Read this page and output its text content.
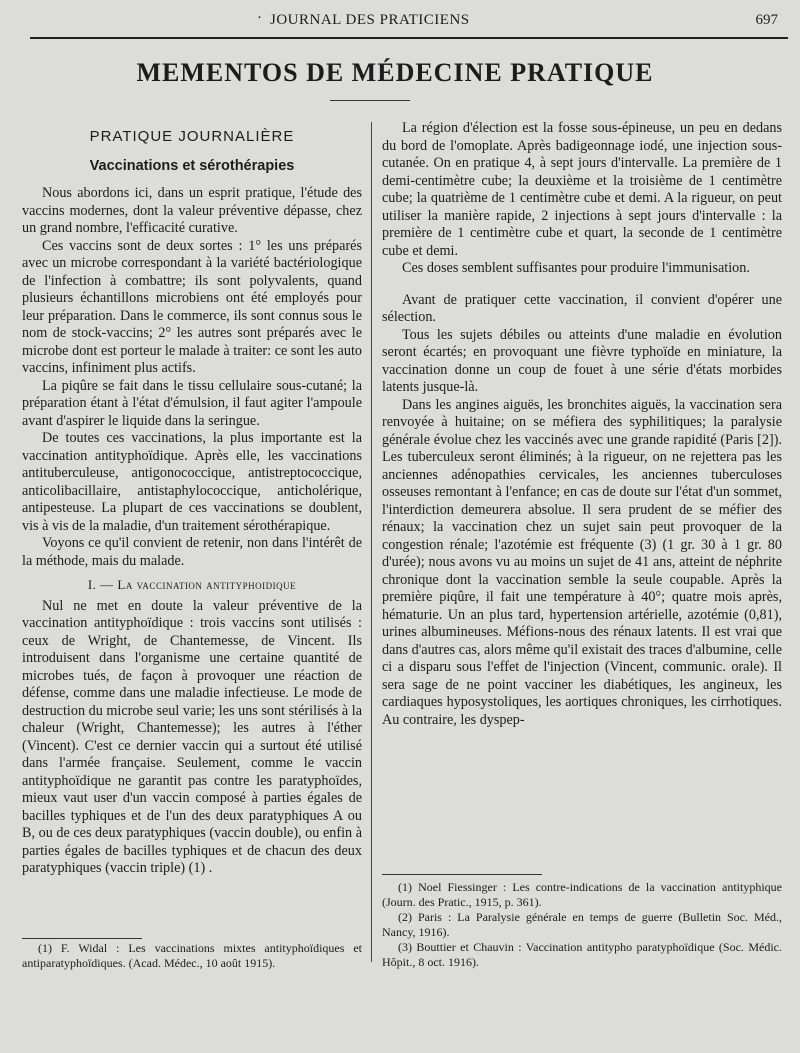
· JOURNAL DES PRATICIENS	697
MEMENTOS DE MÉDECINE PRATIQUE
PRATIQUE JOURNALIÈRE
Vaccinations et sérothérapies

Nous abordons ici, dans un esprit pratique, l'étude des vaccins modernes, dont la valeur préventive dépasse, chez un grand nombre, l'efficacité curative.

Ces vaccins sont de deux sortes : 1° les uns préparés avec un microbe correspondant à la variété bactériologique de l'infection à combattre; ils sont polyvalents, quand plusieurs échantillons microbiens ont été employés pour leur préparation. Dans le commerce, ils sont connus sous le nom de stock-vaccins; 2° les autres sont préparés avec le microbe dont est porteur le malade à traiter: ce sont les auto vaccins, infiniment plus actifs.

La piqûre se fait dans le tissu cellulaire sous-cutané; la préparation étant à l'état d'émulsion, il faut agiter l'ampoule avant d'aspirer le liquide dans la seringue.

De toutes ces vaccinations, la plus importante est la vaccination antityphoïdique. Après elle, les vaccinations antituberculeuse, antigonococcique, antistreptococcique, anticolibacillaire, antistaphylococcique, anticholérique, antipesteuse. La plupart de ces vaccinations se doublent, vis à vis de la maladie, d'un traitement sérothérapique.

Voyons ce qu'il convient de retenir, non dans l'intérêt de la méthode, mais du malade.

I. — La vaccination antityphoidique

Nul ne met en doute la valeur préventive de la vaccination antityphoïdique : trois vaccins sont utilisés : ceux de Wright, de Chantemesse, de Vincent. Ils introduisent dans l'organisme une certaine quantité de microbes tués, de façon à provoquer une réaction de défense, comme dans une maladie infectieuse. Le mode de destruction du microbe seul varie; les uns sont stérilisés à la chaleur (Wright, Chantemesse); les autres à l'éther (Vincent). C'est ce dernier vaccin qui a surtout été utilisé dans l'armée française. Seulement, comme le vaccin antityphoïdique ne garantit pas contre les paratyphoïdes, mieux vaut user d'un vaccin composé à parties égales de bacilles typhiques et de l'un des deux paratyphiques A ou B, ou de ces deux paratyphiques (vaccin double), ou enfin à parties égales de bacilles typhiques et de chacun des deux paratyphiques (vaccin triple) (1) .

La région d'élection est la fosse sous-épineuse, un peu en dedans du bord de l'omoplate. Après badigeonnage iodé, une injection sous-cutanée. On en pratique 4, à sept jours d'intervalle. La première de 1 demi-centimètre cube; la deuxième et la troisième de 1 centimètre cube; la quatrième de 1 centimètre cube et demi. A la rigueur, on peut utiliser la manière rapide, 2 injections à sept jours d'intervalle : la première de 1 centimètre cube et quart, la seconde de 1 centimètre cube et demi.

Ces doses semblent suffisantes pour produire l'immunisation.

Avant de pratiquer cette vaccination, il convient d'opérer une sélection.

Tous les sujets débiles ou atteints d'une maladie en évolution seront écartés; en provoquant une fièvre typhoïde en miniature, la vaccination donne un coup de fouet à une série d'états morbides latents jusque-là.

Dans les angines aiguës, les bronchites aiguës, la vaccination sera renvoyée à huitaine; on se méfiera des syphilitiques; la paralysie générale évolue chez les vaccinés avec une grande rapidité (Paris [2]). Les tuberculeux seront éliminés; à la rigueur, on ne rejettera pas les anciennes adénopathies cervicales, les anciennes tuberculoses osseuses remontant à l'enfance; en cas de doute sur l'état d'un sommet, l'interdiction demeurera absolue. Il sera prudent de se méfier des rénaux; la vaccination chez un sujet sain peut provoquer de la congestion rénale; l'azotémie est fréquente (3) (1 gr. 30 à 1 gr. 80 d'urée); nous avons vu au moins un sujet de 41 ans, atteint de néphrite chronique dont la vaccination semble la seule coupable. Après la première piqûre, il fait une température à 40°; quatre mois après, hématurie. Un an plus tard, hypertension artérielle, azotémie (0,81), urines albumineuses. Méfions-nous des rénaux latents. Il est vrai que dans d'autres cas, alors même qu'il existait des traces d'albumine, celle ci a disparu sous l'effet de l'injection (Vincent, communic. orale). Il sera sage de ne point vacciner les diabétiques, les angineux, les cardiaques hyposystoliques, les aortiques chroniques, les cirrhotiques. Au contraire, les dyspep-

(1) F. Widal : Les vaccinations mixtes antityphoïdiques et antiparatyphoïdiques. (Acad. Médec., 10 août 1915).

(1) Noel Fiessinger : Les contre-indications de la vaccination antityphique (Journ. des Pratic., 1915, p. 361).

(2) Paris : La Paralysie générale en temps de guerre (Bulletin Soc. Méd., Nancy, 1916).

(3) Bouttier et Chauvin : Vaccination antitypho paratyphoïdique (Soc. Médic. Hôpit., 8 oct. 1916).
